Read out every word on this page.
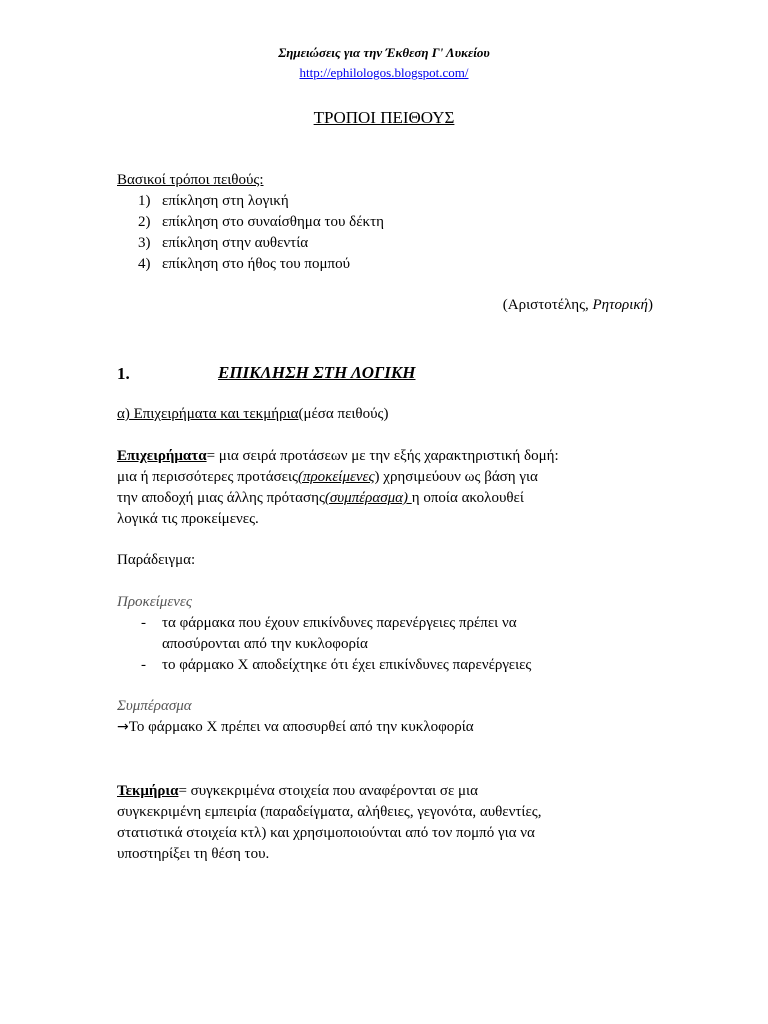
Σημειώσεις για την Έκθεση Γ' Λυκείου
http://ephilologos.blogspot.com/
ΤΡΟΠΟΙ ΠΕΙΘΟΥΣ
Βασικοί τρόποι πειθούς:
1) επίκληση στη λογική
2) επίκληση στο συναίσθημα του δέκτη
3) επίκληση στην αυθεντία
4) επίκληση στο ήθος του πομπού
(Αριστοτέλης, Ρητορική)
1.	ΕΠΙΚΛΗΣΗ ΣΤΗ ΛΟΓΙΚΗ
α) Επιχειρήματα και τεκμήρια(μέσα πειθούς)
Επιχειρήματα= μια σειρά προτάσεων με την εξής χαρακτηριστική δομή:
μια ή περισσότερες προτάσεις(προκείμενες) χρησιμεύουν ως βάση για
την αποδοχή μιας άλλης πρότασης(συμπέρασμα) η οποία ακολουθεί
λογικά τις προκείμενες.
Παράδειγμα:
Προκείμενες
- τα φάρμακα που έχουν επικίνδυνες παρενέργειες πρέπει να
αποσύρονται από την κυκλοφορία
- το φάρμακο Χ αποδείχτηκε ότι έχει επικίνδυνες παρενέργειες
Συμπέρασμα
→Το φάρμακο Χ πρέπει να αποσυρθεί από την κυκλοφορία
Τεκμήρια= συγκεκριμένα στοιχεία που αναφέρονται σε μια
συγκεκριμένη εμπειρία (παραδείγματα, αλήθειες, γεγονότα, αυθεντίες,
στατιστικά στοιχεία κτλ) και χρησιμοποιούνται από τον πομπό για να
υποστηρίξει τη θέση του.
